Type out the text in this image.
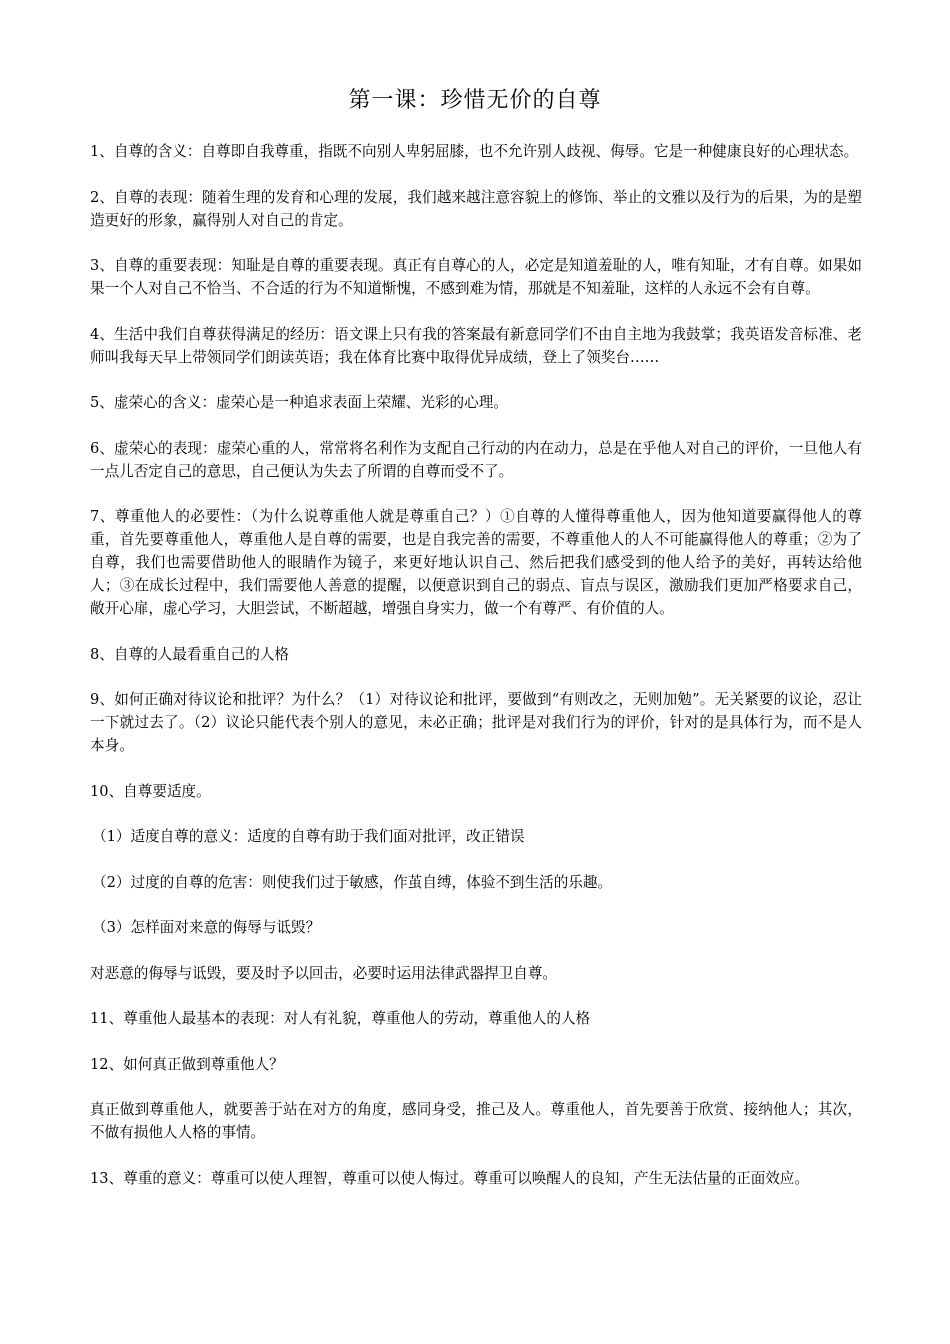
第一课：珍惜无价的自尊

1、自尊的含义：自尊即自我尊重，指既不向别人卑躬屈膝，也不允许别人歧视、侮辱。它是一种健康良好的心理状态。

2、自尊的表现：随着生理的发育和心理的发展，我们越来越注意容貌上的修饰、举止的文雅以及行为的后果，为的是塑造更好的形象，赢得别人对自己的肯定。

3、自尊的重要表现：知耻是自尊的重要表现。真正有自尊心的人，必定是知道羞耻的人，唯有知耻，才有自尊。如果如果一个人对自己不恰当、不合适的行为不知道惭愧，不感到难为情，那就是不知羞耻，这样的人永远不会有自尊。

4、生活中我们自尊获得满足的经历：语文课上只有我的答案最有新意同学们不由自主地为我鼓掌；我英语发音标准、老师叫我每天早上带领同学们朗读英语；我在体育比赛中取得优异成绩，登上了领奖台……

5、虚荣心的含义：虚荣心是一种追求表面上荣耀、光彩的心理。

6、虚荣心的表现：虚荣心重的人，常常将名利作为支配自己行动的内在动力，总是在乎他人对自己的评价，一旦他人有一点儿否定自己的意思，自己便认为失去了所谓的自尊而受不了。

7、尊重他人的必要性：（为什么说尊重他人就是尊重自己？）①自尊的人懂得尊重他人，因为他知道要赢得他人的尊重，首先要尊重他人，尊重他人是自尊的需要，也是自我完善的需要，不尊重他人的人不可能赢得他人的尊重；②为了自尊，我们也需要借助他人的眼睛作为镜子，来更好地认识自己、然后把我们感受到的他人给予的美好，再转达给他人；③在成长过程中，我们需要他人善意的提醒，以便意识到自己的弱点、盲点与误区，激励我们更加严格要求自己，敞开心扉，虚心学习，大胆尝试，不断超越，增强自身实力，做一个有尊严、有价值的人。

8、自尊的人最看重自己的人格

9、如何正确对待议论和批评？为什么？（1）对待议论和批评，要做到“有则改之，无则加勉”。无关紧要的议论，忍让一下就过去了。（2）议论只能代表个别人的意见，未必正确；批评是对我们行为的评价，针对的是具体行为，而不是人本身。

10、自尊要适度。

（1）适度自尊的意义：适度的自尊有助于我们面对批评，改正错误

（2）过度的自尊的危害：则使我们过于敏感，作茧自缚，体验不到生活的乐趣。

（3）怎样面对来意的侮辱与诋毁？

对恶意的侮辱与诋毁，要及时予以回击，必要时运用法律武器捍卫自尊。

11、尊重他人最基本的表现：对人有礼貌，尊重他人的劳动，尊重他人的人格

12、如何真正做到尊重他人？

真正做到尊重他人，就要善于站在对方的角度，感同身受，推己及人。尊重他人，首先要善于欣赏、接纳他人；其次，不做有损他人人格的事情。

13、尊重的意义：尊重可以使人理智，尊重可以使人悔过。尊重可以唤醒人的良知，产生无法估量的正面效应。
